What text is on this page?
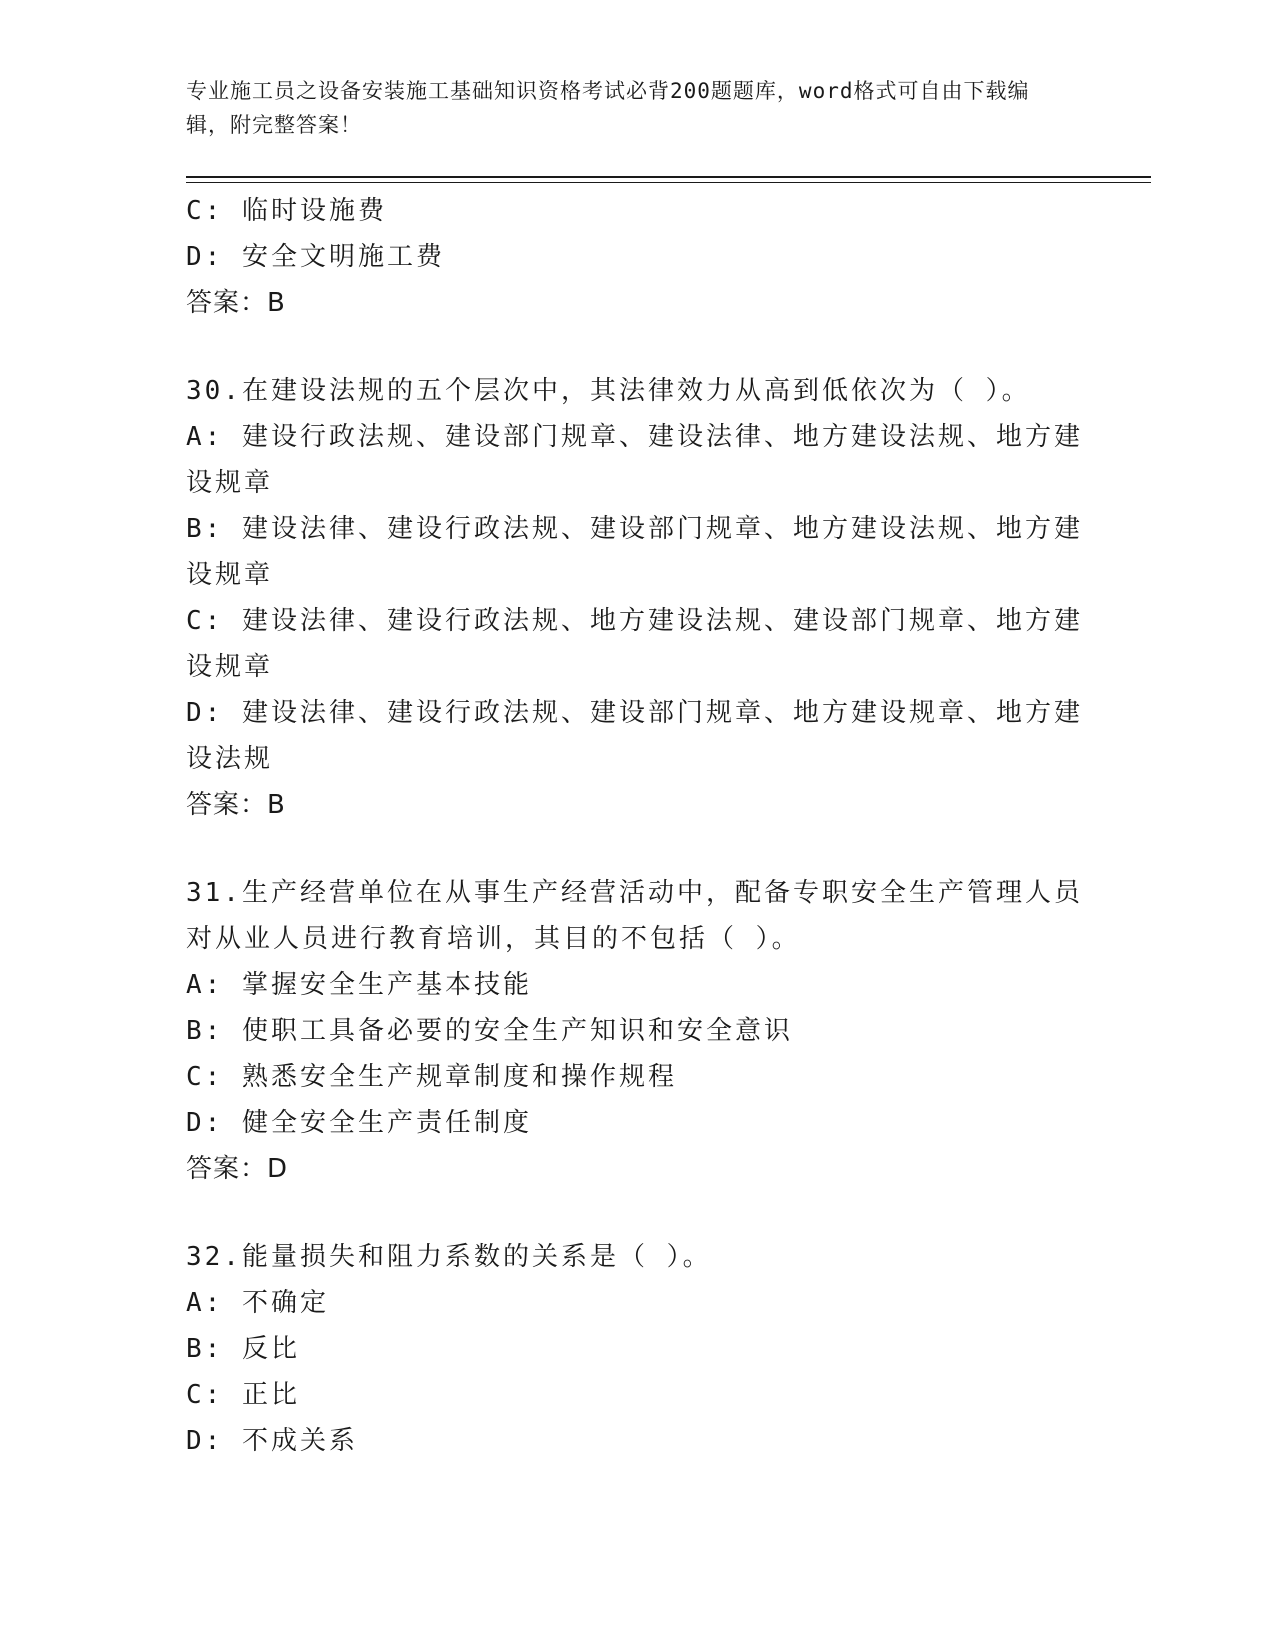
专业施工员之设备安装施工基础知识资格考试必背200题题库，word格式可自由下载编辑，附完整答案！
C: 临时设施费
D: 安全文明施工费
答案：B
30.在建设法规的五个层次中，其法律效力从高到低依次为（ ）。
A: 建设行政法规、建设部门规章、建设法律、地方建设法规、地方建设规章
B: 建设法律、建设行政法规、建设部门规章、地方建设法规、地方建设规章
C: 建设法律、建设行政法规、地方建设法规、建设部门规章、地方建设规章
D: 建设法律、建设行政法规、建设部门规章、地方建设规章、地方建设法规
答案：B
31.生产经营单位在从事生产经营活动中，配备专职安全生产管理人员对从业人员进行教育培训，其目的不包括（ ）。
A: 掌握安全生产基本技能
B: 使职工具备必要的安全生产知识和安全意识
C: 熟悉安全生产规章制度和操作规程
D: 健全安全生产责任制度
答案：D
32.能量损失和阻力系数的关系是（ ）。
A: 不确定
B: 反比
C: 正比
D: 不成关系
